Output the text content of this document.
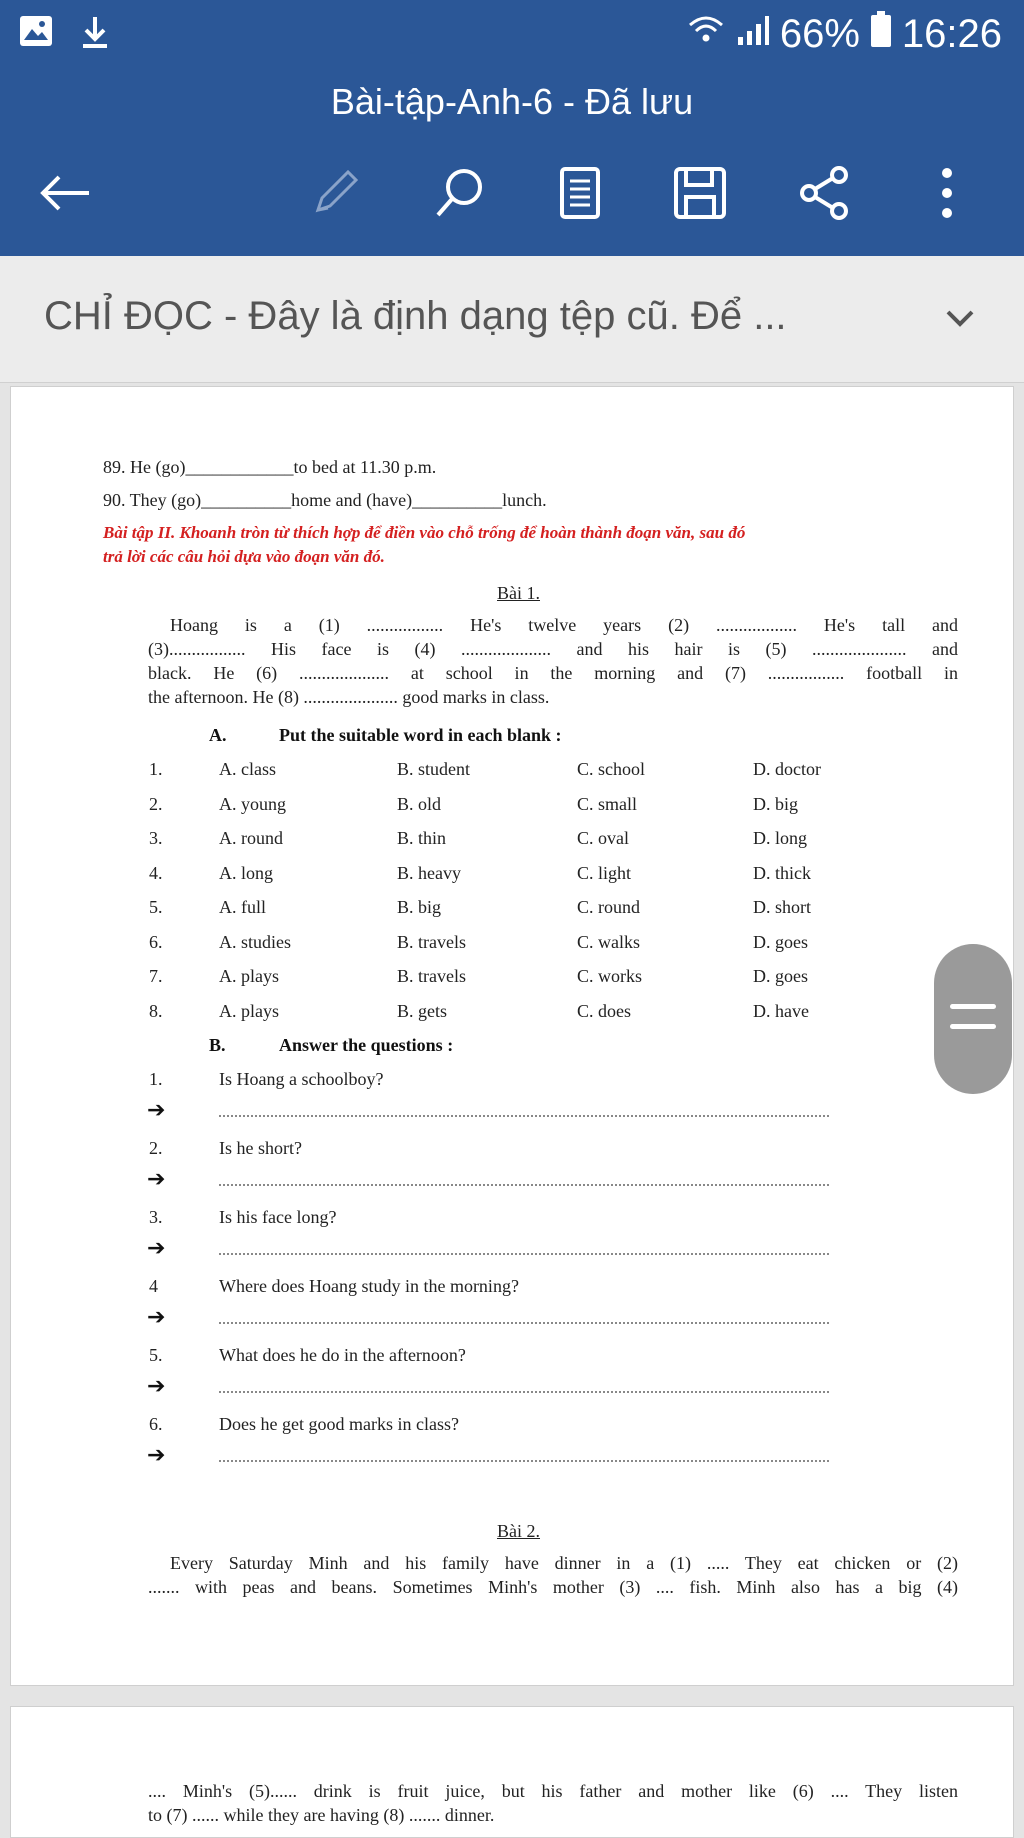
66% 16:26
Bài-tập-Anh-6 - Đã lưu
CHỈ ĐỌC - Đây là định dạng tệp cũ. Để ...
89. He (go)____________to bed at 11.30 p.m.
90. They (go)__________home and (have)__________lunch.
Bài tập II. Khoanh tròn từ thích hợp để điền vào chỗ trống để hoàn thành đoạn văn, sau đó
trả lời các câu hỏi dựa vào đoạn văn đó.
Bài 1.
Hoang is a (1) ................. He's twelve years (2) .................. He's tall and
(3)................. His face is (4) .................... and his hair is (5) ..................... and
black. He (6) .................... at school in the morning and (7) ................. football in
the afternoon. He (8) ..................... good marks in class.
A.	Put the suitable word in each blank :
1.	A. class	B. student	C. school	D. doctor
2.	A. young	B. old	C. small	D. big
3.	A. round	B. thin	C. oval	D. long
4.	A. long	B. heavy	C. light	D. thick
5.	A. full	B. big	C. round	D. short
6.	A. studies	B. travels	C. walks	D. goes
7.	A. plays	B. travels	C. works	D. goes
8.	A. plays	B. gets	C. does	D. have
B.	Answer the questions :
1.	Is Hoang a schoolboy?
➔
2.	Is he short?
➔
3.	Is his face long?
➔
4	Where does Hoang study in the morning?
➔
5.	What does he do in the afternoon?
➔
6.	Does he get good marks in class?
➔
Bài 2.
Every Saturday Minh and his family have dinner in a (1) ..... They eat chicken or (2)
....... with peas and beans. Sometimes Minh's mother (3) .... fish. Minh also has a big (4)
.... Minh's (5)...... drink is fruit juice, but his father and mother like (6) .... They listen
to (7) ...... while they are having (8) ....... dinner.
